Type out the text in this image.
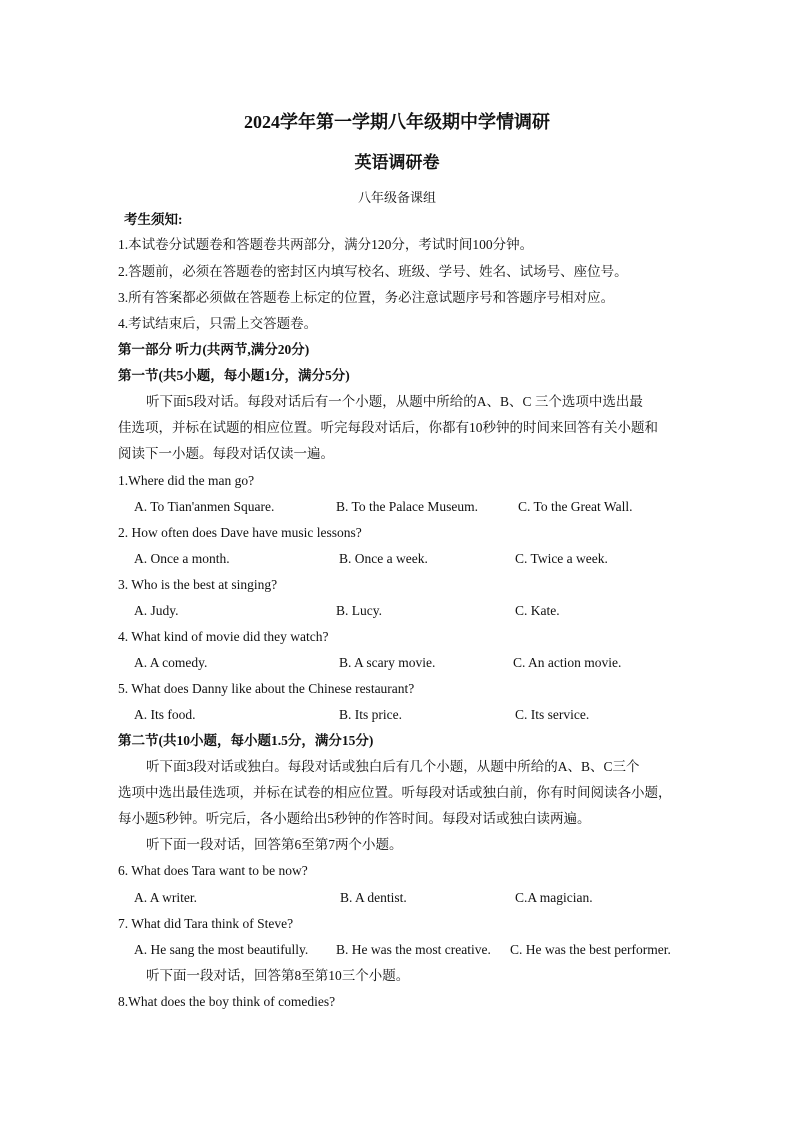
2024学年第一学期八年级期中学情调研
英语调研卷
八年级备课组
考生须知:
1.本试卷分试题卷和答题卷共两部分，满分120分，考试时间100分钟。
2.答题前，必须在答题卷的密封区内填写校名、班级、学号、姓名、试场号、座位号。
3.所有答案都必须做在答题卷上标定的位置，务必注意试题序号和答题序号相对应。
4.考试结束后，只需上交答题卷。
第一部分 听力(共两节,满分20分)
第一节(共5小题，每小题1分，满分5分)
听下面5段对话。每段对话后有一个小题，从题中所给的A、B、C 三个选项中选出最
佳选项，并标在试题的相应位置。听完每段对话后，你都有10秒钟的时间来回答有关小题和
阅读下一小题。每段对话仅读一遍。
1.Where did the man go?
A. To Tian'anmen Square.	B. To the Palace Museum.	C. To the Great Wall.
2. How often does Dave have music lessons?
A. Once a month.	B. Once a week.	C. Twice a week.
3. Who is the best at singing?
A. Judy.	B. Lucy.	C. Kate.
4. What kind of movie did they watch?
A. A comedy.	B. A scary movie.	C. An action movie.
5. What does Danny like about the Chinese restaurant?
A. Its food.	B. Its price.	C. Its service.
第二节(共10小题，每小题1.5分，满分15分)
听下面3段对话或独白。每段对话或独白后有几个小题，从题中所给的A、B、C三个
选项中选出最佳选项，并标在试卷的相应位置。听每段对话或独白前，你有时间阅读各小题，
每小题5秒钟。听完后，各小题给出5秒钟的作答时间。每段对话或独白读两遍。
听下面一段对话，回答第6至第7两个小题。
6. What does Tara want to be now?
A. A writer.	B. A dentist.	C.A magician.
7. What did Tara think of Steve?
A. He sang the most beautifully. B. He was the most creative. C. He was the best performer.
听下面一段对话，回答第8至第10三个小题。
8.What does the boy think of comedies?
